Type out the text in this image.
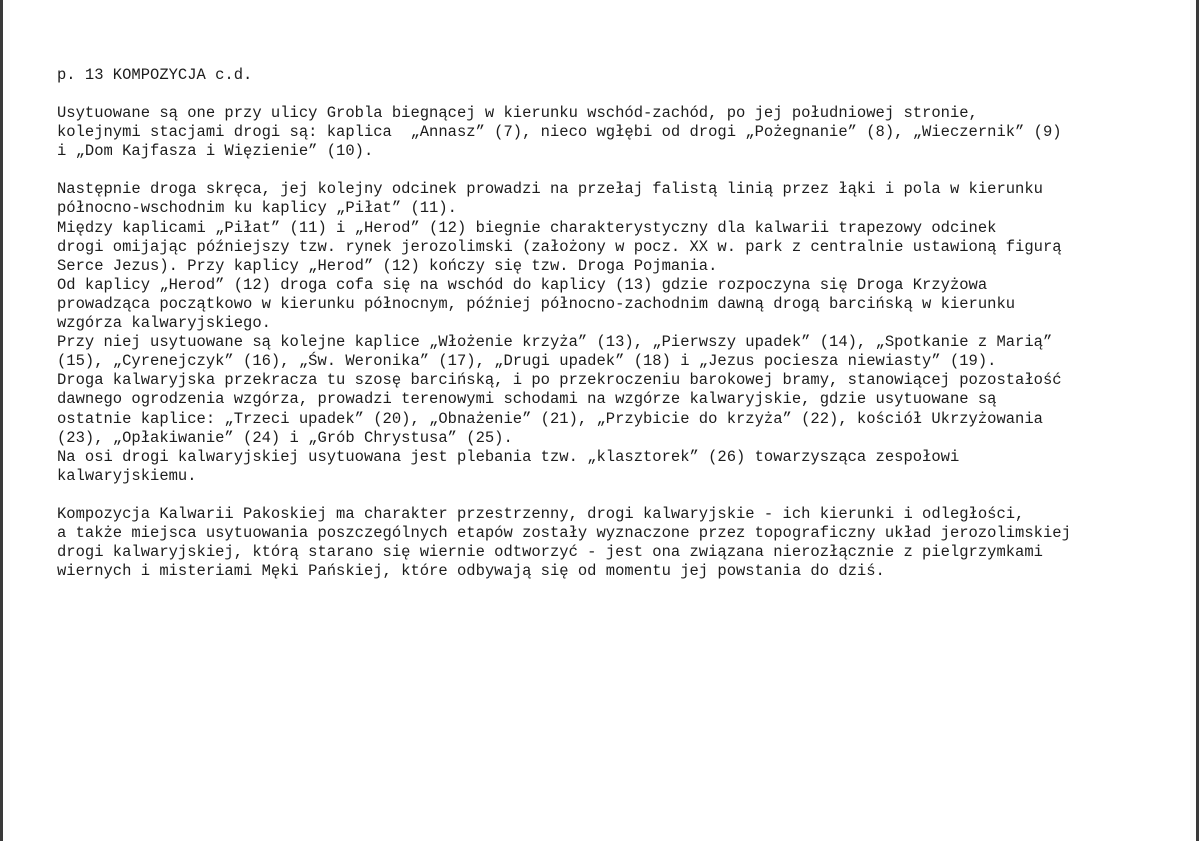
p. 13 KOMPOZYCJA c.d.
Usytuowane są one przy ulicy Grobla biegnącej w kierunku wschód-zachód, po jej południowej stronie,
kolejnymi stacjami drogi są: kaplica  „Annasz” (7), nieco wgłębi od drogi „Pożegnanie” (8), „Wieczernik” (9)
i „Dom Kajfasza i Więzienie” (10).
Następnie droga skręca, jej kolejny odcinek prowadzi na przełaj falistą linią przez łąki i pola w kierunku
północno-wschodnim ku kaplicy „Piłat” (11).
Między kaplicami „Piłat” (11) i „Herod” (12) biegnie charakterystyczny dla kalwarii trapezowy odcinek
drogi omijając późniejszy tzw. rynek jerozolimski (założony w pocz. XX w. park z centralnie ustawioną figurą
Serce Jezus). Przy kaplicy „Herod” (12) kończy się tzw. Droga Pojmania.
Od kaplicy „Herod” (12) droga cofa się na wschód do kaplicy (13) gdzie rozpoczyna się Droga Krzyżowa
prowadząca początkowo w kierunku północnym, później północno-zachodnim dawną drogą barcińską w kierunku
wzgórza kalwaryjskiego.
Przy niej usytuowane są kolejne kaplice „Włożenie krzyża” (13), „Pierwszy upadek” (14), „Spotkanie z Marią”
(15), „Cyrenejczyk” (16), „Św. Weronika” (17), „Drugi upadek” (18) i „Jezus pociesza niewiasty” (19).
Droga kalwaryjska przekracza tu szosę barcińską, i po przekroczeniu barokowej bramy, stanowiącej pozostałość
dawnego ogrodzenia wzgórza, prowadzi terenowymi schodami na wzgórze kalwaryjskie, gdzie usytuowane są
ostatnie kaplice: „Trzeci upadek” (20), „Obnażenie” (21), „Przybicie do krzyża” (22), kościół Ukrzyżowania
(23), „Opłakiwanie” (24) i „Grób Chrystusa” (25).
Na osi drogi kalwaryjskiej usytuowana jest plebania tzw. „klasztorek” (26) towarzysząca zespołowi
kalwaryjskiemu.
Kompozycja Kalwarii Pakoskiej ma charakter przestrzenny, drogi kalwaryjskie - ich kierunki i odległości,
a także miejsca usytuowania poszczególnych etapów zostały wyznaczone przez topograficzny układ jerozolimskiej
drogi kalwaryjskiej, którą starano się wiernie odtworzyć - jest ona związana nierozłącznie z pielgrzymkami
wiernych i misteriami Męki Pańskiej, które odbywają się od momentu jej powstania do dziś.
